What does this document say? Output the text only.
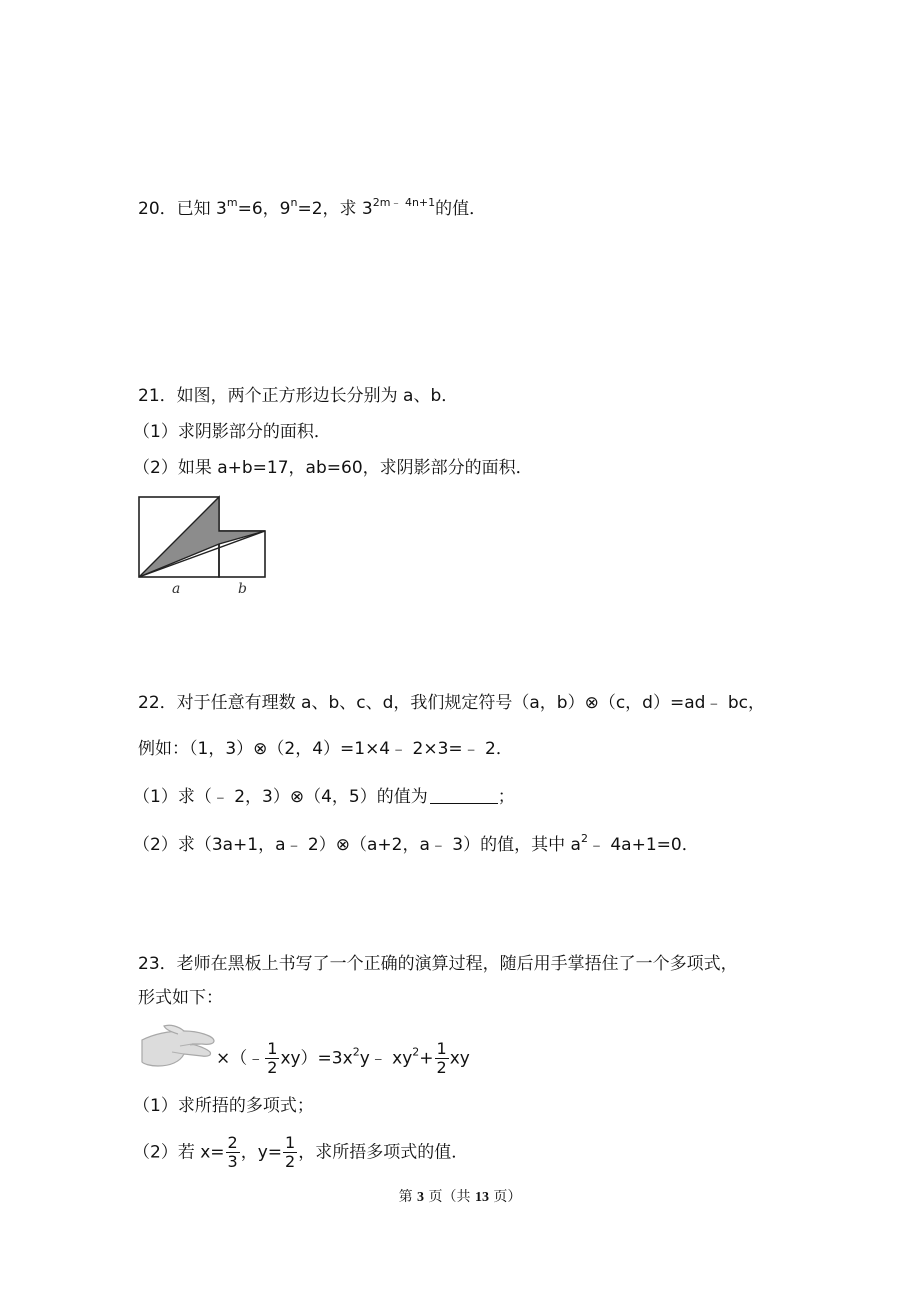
20．已知 $3^m=6$，$9^n=2$，求 $3^{2m﹣ 4n+1}$的值．
21．如图，两个正方形边长分别为 a、b．
（1）求阴影部分的面积．
（2）如果 a+b=17，ab=60，求阴影部分的面积．
a	b
22．对于任意有理数 a、b、c、d，我们规定符号（a，b）⊗（c，d）=ad﹣ bc，
例如：（1，3）⊗（2，4）=1×4﹣ 2×3=﹣ 2．
（1）求（﹣ 2，3）⊗（4，5）的值为	；
（2）求（3a+1，a﹣ 2）⊗（a+2，a﹣ 3）的值，其中 $a^2﹣$ 4a+1=0．
23．老师在黑板上书写了一个正确的演算过程，随后用手掌捂住了一个多项式，
形式如下：
×（﹣ $\frac{1}{2}$ $xy)=3x^2y﹣$ $xy^2+ \frac{1}{2}$ xy
（1）求所捂的多项式；
（2）若 $x= \frac{2}{3}$ ，$y= \frac{1}{2}$ ，求所捂多项式的值．
第 3 页（共 13 页）
